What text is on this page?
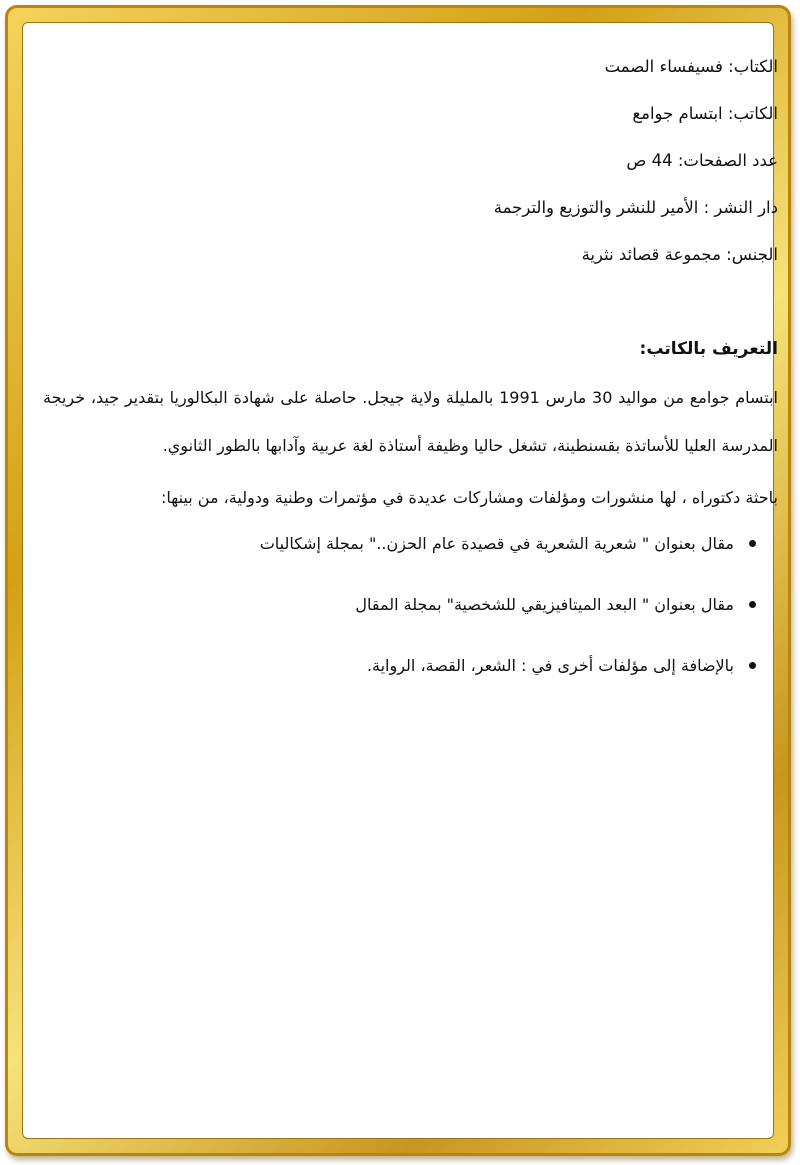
الكتاب: فسيفساء الصمت

الكاتب: ابتسام جوامع

عدد الصفحات: 44 ص

دار النشر : الأمير للنشر والتوزيع والترجمة

الجنس: مجموعة قصائد نثرية

التعريف بالكاتب:

ابتسام جوامع من مواليد 30 مارس 1991 بالمليلة ولاية جيجل. حاصلة على شهادة البكالوريا بتقدير جيد، خريجة المدرسة العليا للأساتذة بقسنطينة، تشغل حاليا وظيفة أستاذة لغة عربية وآدابها بالطور الثانوي.

باحثة دكتوراه ، لها منشورات ومؤلفات ومشاركات عديدة في مؤتمرات وطنية ودولية، من بينها:

مقال بعنوان " شعرية الشعرية في قصيدة عام الحزن.." بمجلة إشكاليات
مقال بعنوان " البعد الميتافيزيقي للشخصية" بمجلة المقال
بالإضافة إلى مؤلفات أخرى في : الشعر، القصة، الرواية.
